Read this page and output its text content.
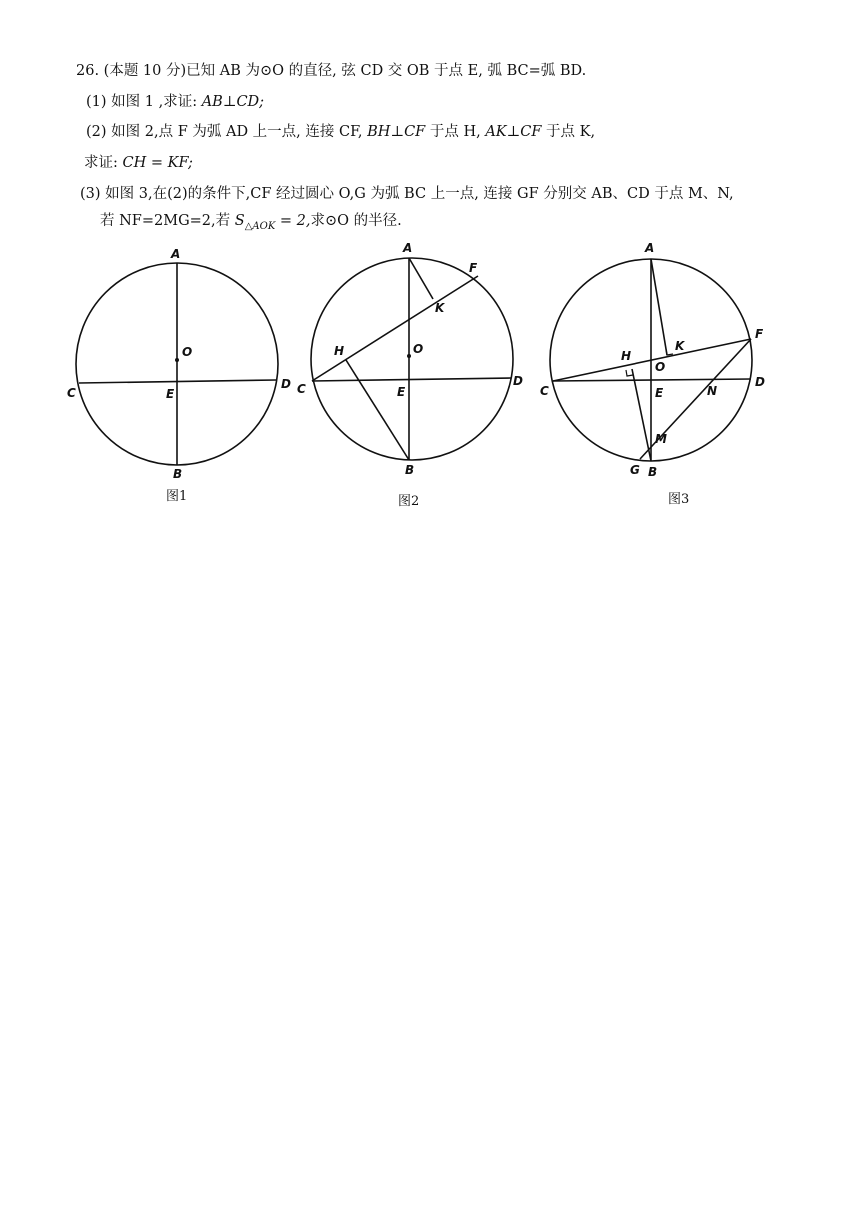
26. (本题 10 分)已知 AB 为⊙O 的直径, 弦 CD 交 OB 于点 E, 弧 BC=弧 BD.
(1) 如图 1 ,求证: AB⊥CD;
(2) 如图 2,点 F 为弧 AD 上一点, 连接 CF, BH⊥CF 于点 H, AK⊥CF 于点 K,
求证: CH = KF;
(3) 如图 3,在(2)的条件下,CF 经过圆心 O,G 为弧 BC 上一点, 连接 GF 分别交 AB、CD 于点 M、N,
若 NF=2MG=2,若 $S_{\triangle AOK} = 2$,求⊙O 的半径.
A
B
C
D
E
O
图1
A
B
C
D
E
O
F
H
K
图2
A
B
C
D
E
O
F
H
K
G
M
N
图3
